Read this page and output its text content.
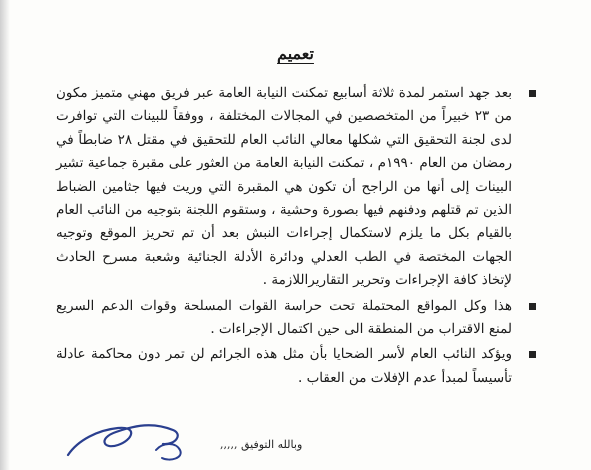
تعميم

بعد جهد استمر لمدة ثلاثة أسابيع تمكنت النيابة العامة عبر فريق مهني متميز مكون من ٢٣ خبيراً من المتخصصين في المجالات المختلفة ، ووفقاً للبينات التي توافرت لدى لجنة التحقيق التي شكلها معالي النائب العام للتحقيق في مقتل ٢٨ ضابطاً في رمضان من العام ١٩٩٠م ، تمكنت النيابة العامة من العثور على مقبرة جماعية تشير البينات إلى أنها من الراجح أن تكون هي المقبرة التي وريت فيها جثامين الضباط الذين تم قتلهم ودفنهم فيها بصورة وحشية ، وستقوم اللجنة بتوجيه من النائب العام بالقيام بكل ما يلزم لاستكمال إجراءات النبش بعد أن تم تحريز الموقع وتوجيه الجهات المختصة في الطب العدلي ودائرة الأدلة الجنائية وشعبة مسرح الحادث لإتخاذ كافة الإجراءات وتحرير التقاريراللازمة .

هذا وكل المواقع المحتملة تحت حراسة القوات المسلحة وقوات الدعم السريع لمنع الاقتراب من المنطقة الى حين اكتمال الإجراءات .

ويؤكد النائب العام لأسر الضحايا بأن مثل هذه الجرائم لن تمر دون محاكمة عادلة تأسيساً لمبدأ عدم الإفلات من العقاب .

وبالله التوفيق ,,,,,
